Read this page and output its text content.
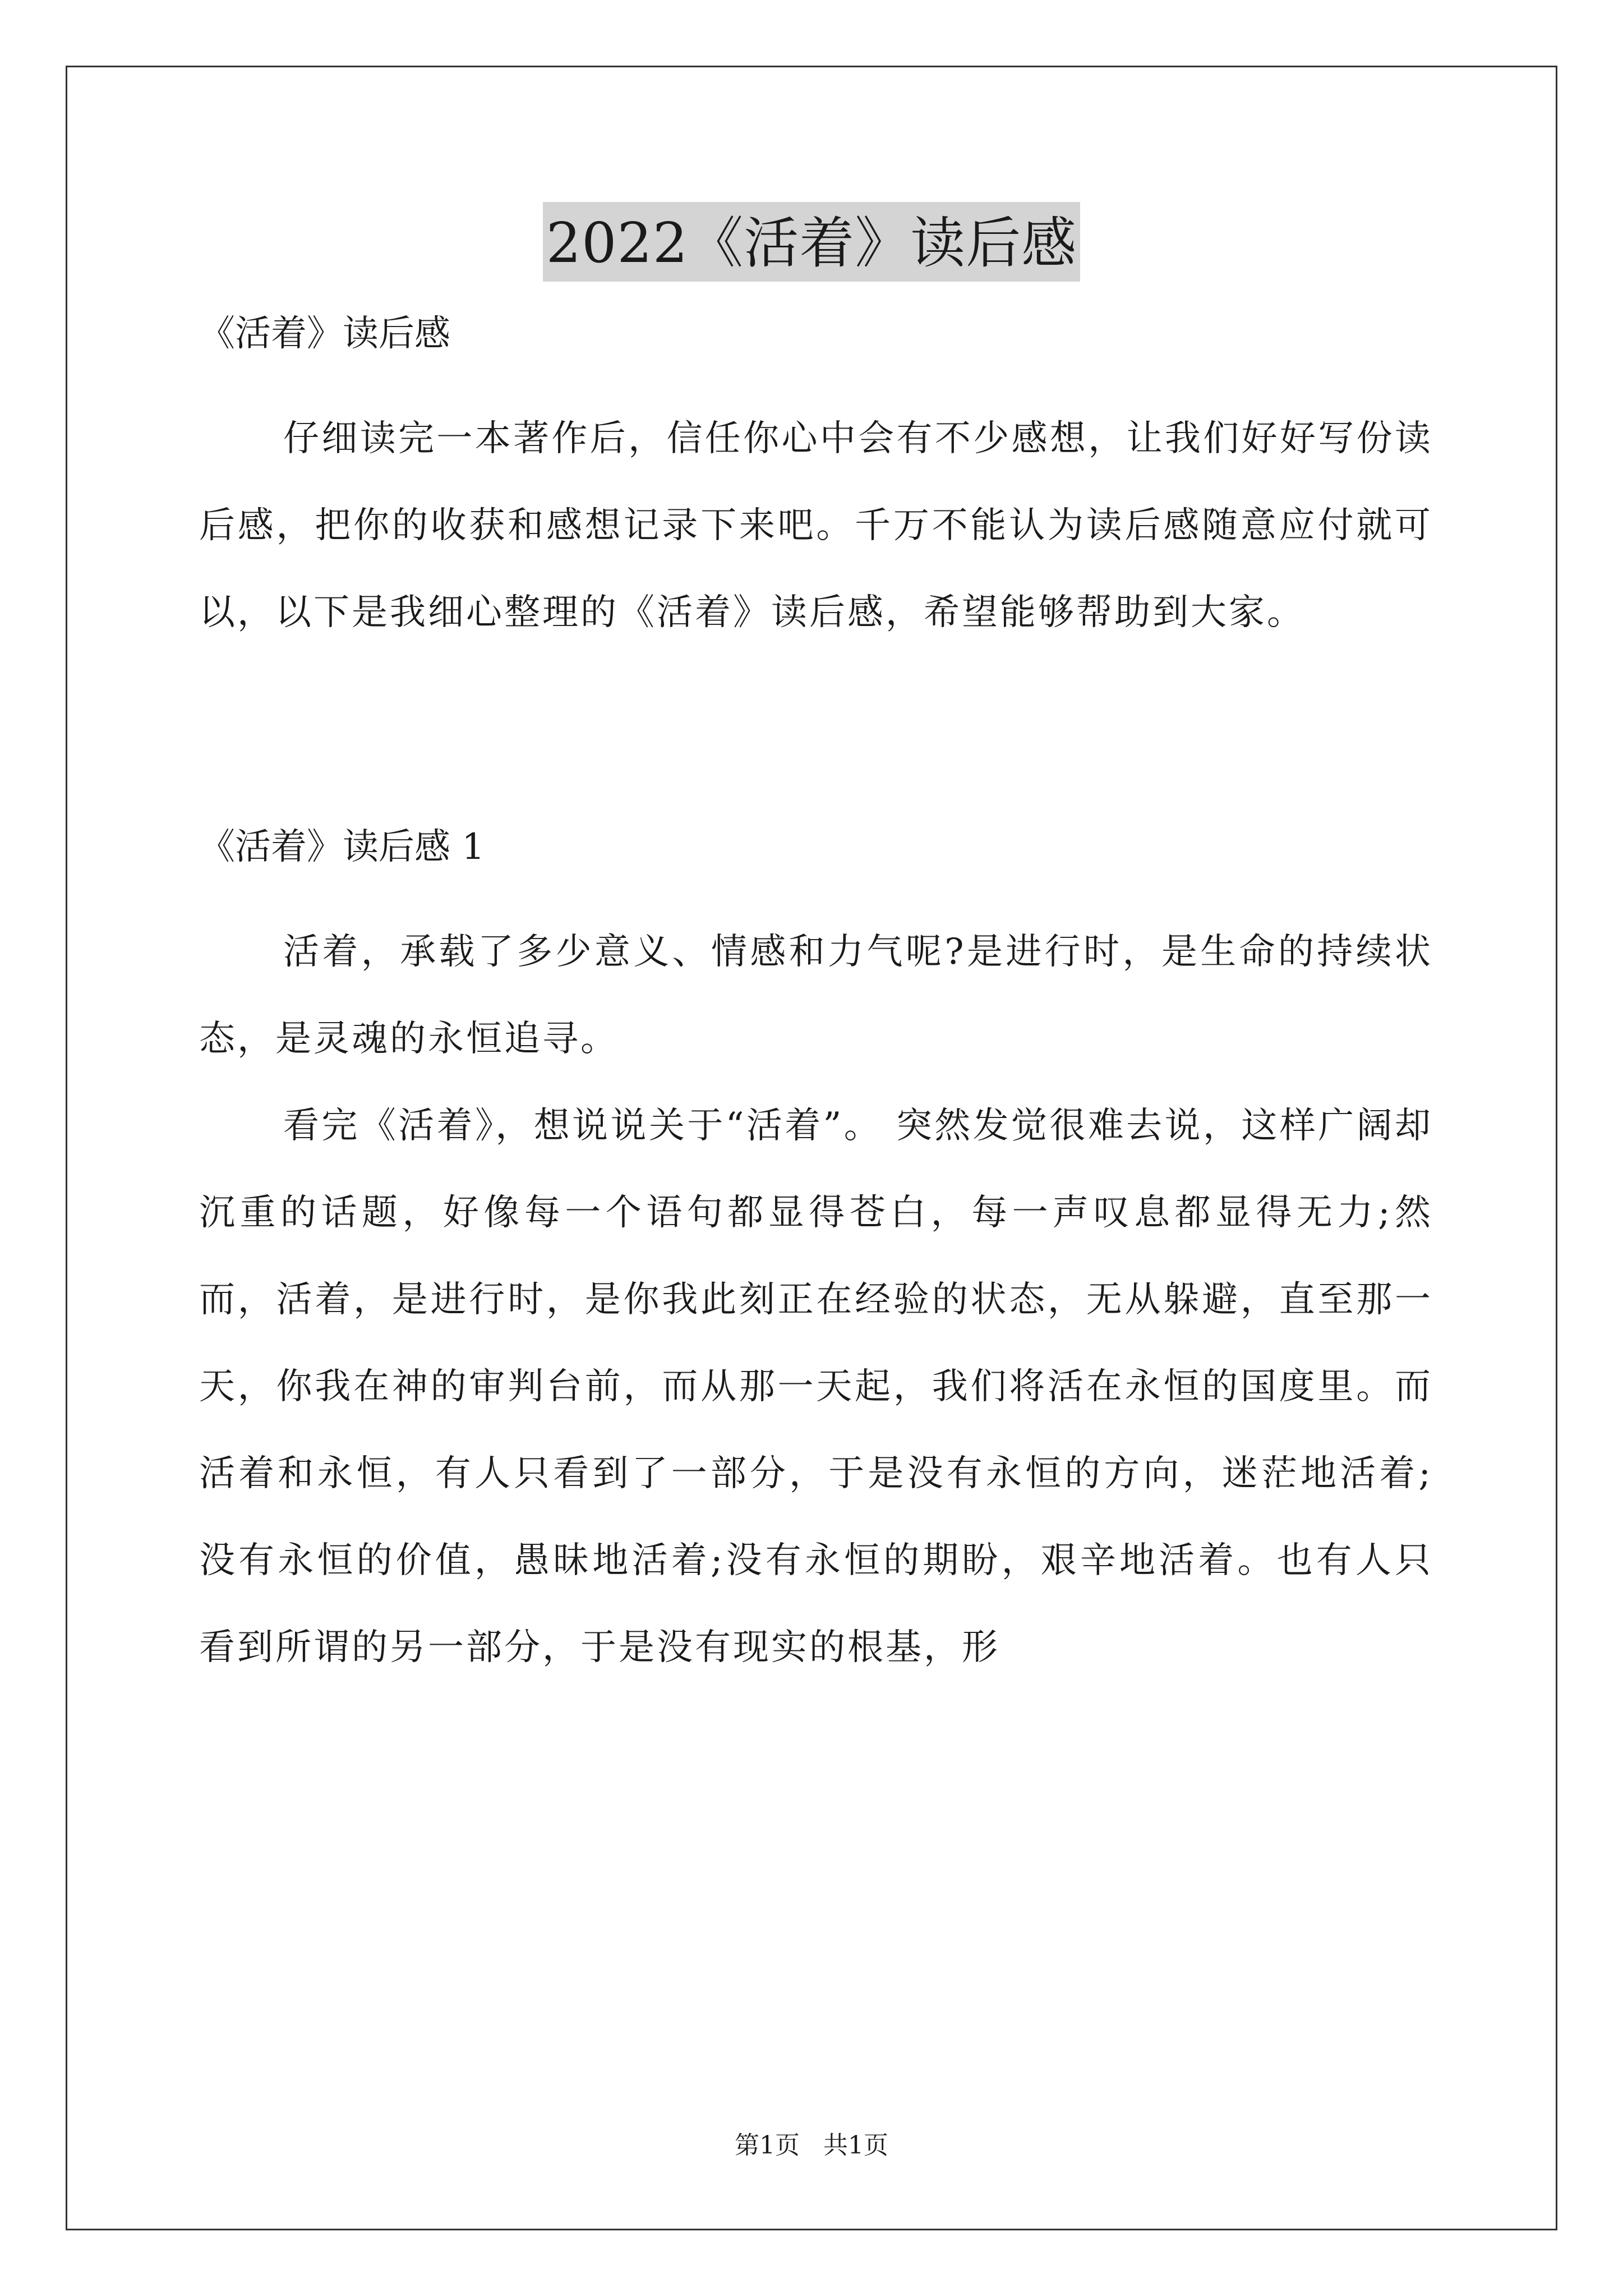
2022《活着》读后感

《活着》读后感

仔细读完一本著作后，信任你心中会有不少感想，让我们好好写份读后感，把你的收获和感想记录下来吧。千万不能认为读后感随意应付就可以，以下是我细心整理的《活着》读后感，希望能够帮助到大家。

《活着》读后感 1

活着，承载了多少意义、情感和力气呢?是进行时，是生命的持续状态，是灵魂的永恒追寻。

看完《活着》，想说说关于“活着”。 突然发觉很难去说，这样广阔却沉重的话题，好像每一个语句都显得苍白，每一声叹息都显得无力;然而，活着，是进行时，是你我此刻正在经验的状态，无从躲避，直至那一天，你我在神的审判台前，而从那一天起，我们将活在永恒的国度里。而活着和永恒，有人只看到了一部分，于是没有永恒的方向，迷茫地活着;没有永恒的价值，愚昧地活着;没有永恒的期盼，艰辛地活着。也有人只看到所谓的另一部分，于是没有现实的根基，形

第1页   共1页
